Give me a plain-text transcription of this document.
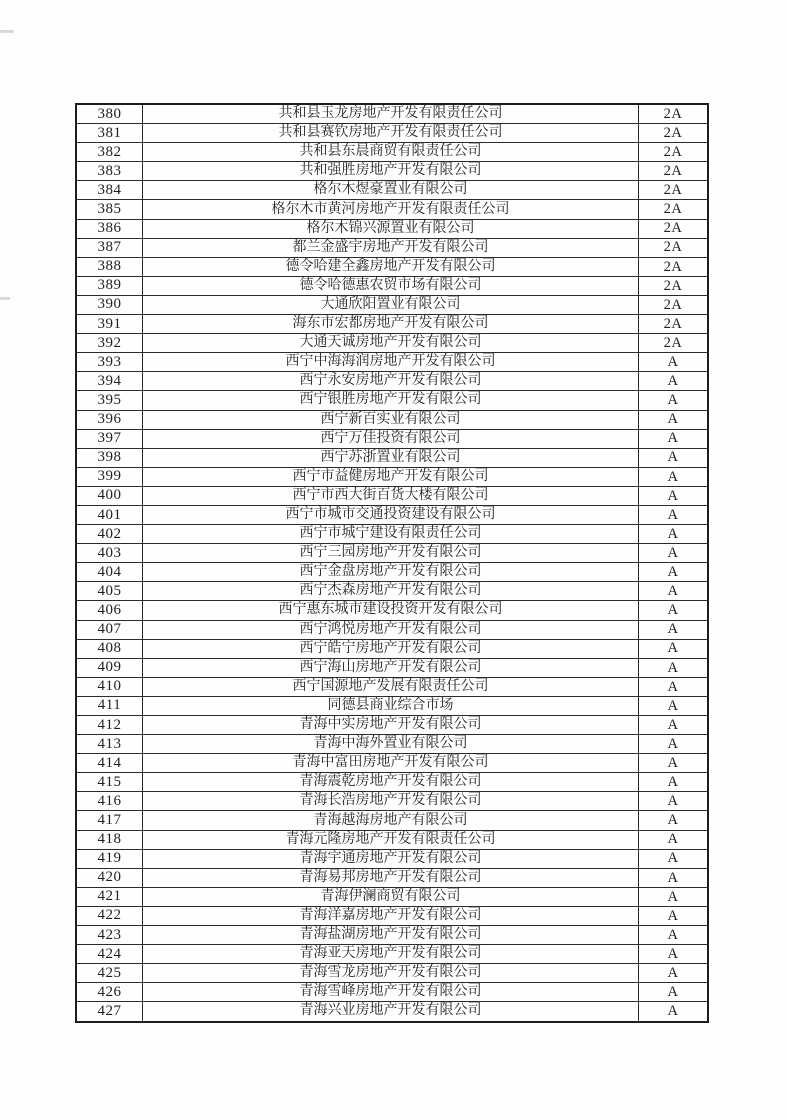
380	共和县玉龙房地产开发有限责任公司	2A
381	共和县赛钦房地产开发有限责任公司	2A
382	共和县东晨商贸有限责任公司	2A
383	共和强胜房地产开发有限公司	2A
384	格尔木煜豪置业有限公司	2A
385	格尔木市黄河房地产开发有限责任公司	2A
386	格尔木锦兴源置业有限公司	2A
387	都兰金盛宇房地产开发有限公司	2A
388	德令哈建全鑫房地产开发有限公司	2A
389	德令哈德惠农贸市场有限公司	2A
390	大通欣阳置业有限公司	2A
391	海东市宏都房地产开发有限公司	2A
392	大通天诚房地产开发有限公司	2A
393	西宁中海海润房地产开发有限公司	A
394	西宁永安房地产开发有限公司	A
395	西宁银胜房地产开发有限公司	A
396	西宁新百实业有限公司	A
397	西宁万佳投资有限公司	A
398	西宁苏浙置业有限公司	A
399	西宁市益健房地产开发有限公司	A
400	西宁市西大街百货大楼有限公司	A
401	西宁市城市交通投资建设有限公司	A
402	西宁市城宁建设有限责任公司	A
403	西宁三园房地产开发有限公司	A
404	西宁金盘房地产开发有限公司	A
405	西宁杰森房地产开发有限公司	A
406	西宁惠东城市建设投资开发有限公司	A
407	西宁鸿悦房地产开发有限公司	A
408	西宁皓宁房地产开发有限公司	A
409	西宁海山房地产开发有限公司	A
410	西宁国源地产发展有限责任公司	A
411	同德县商业综合市场	A
412	青海中实房地产开发有限公司	A
413	青海中海外置业有限公司	A
414	青海中富田房地产开发有限公司	A
415	青海震乾房地产开发有限公司	A
416	青海长浩房地产开发有限公司	A
417	青海越海房地产有限公司	A
418	青海元隆房地产开发有限责任公司	A
419	青海宇通房地产开发有限公司	A
420	青海易邦房地产开发有限公司	A
421	青海伊澜商贸有限公司	A
422	青海洋嘉房地产开发有限公司	A
423	青海盐湖房地产开发有限公司	A
424	青海亚天房地产开发有限公司	A
425	青海雪龙房地产开发有限公司	A
426	青海雪峰房地产开发有限公司	A
427	青海兴业房地产开发有限公司	A
